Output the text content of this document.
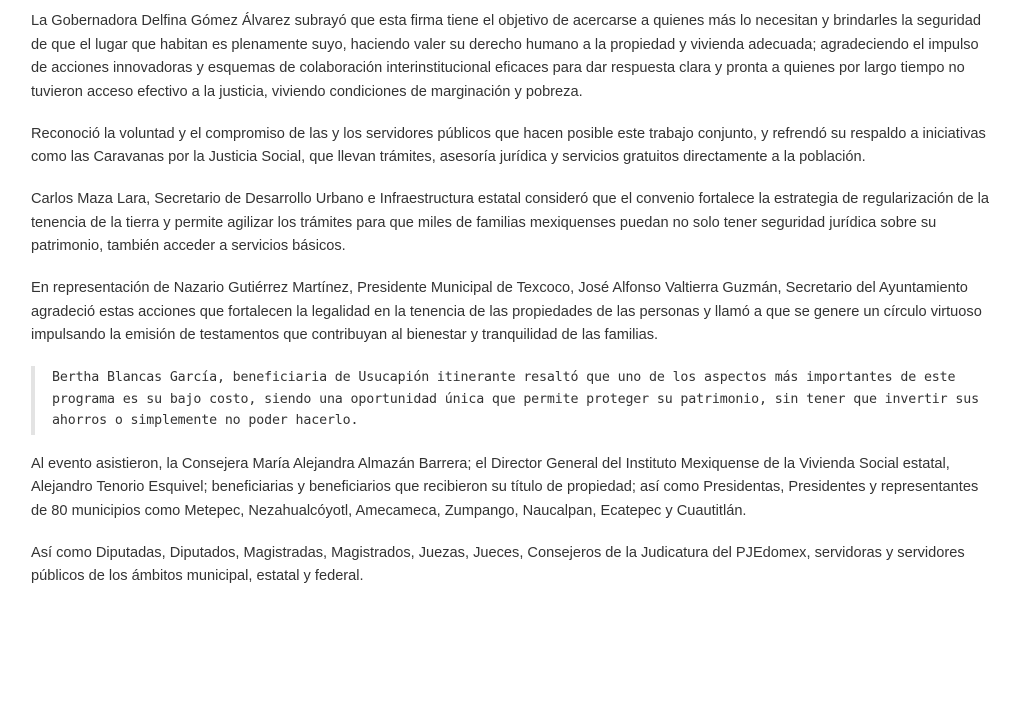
La Gobernadora Delfina Gómez Álvarez subrayó que esta firma tiene el objetivo de acercarse a quienes más lo necesitan y brindarles la seguridad de que el lugar que habitan es plenamente suyo, haciendo valer su derecho humano a la propiedad y vivienda adecuada; agradeciendo el impulso de acciones innovadoras y esquemas de colaboración interinstitucional eficaces para dar respuesta clara y pronta a quienes por largo tiempo no tuvieron acceso efectivo a la justicia, viviendo condiciones de marginación y pobreza.

Reconoció la voluntad y el compromiso de las y los servidores públicos que hacen posible este trabajo conjunto, y refrendó su respaldo a iniciativas como las Caravanas por la Justicia Social, que llevan trámites, asesoría jurídica y servicios gratuitos directamente a la población.

Carlos Maza Lara, Secretario de Desarrollo Urbano e Infraestructura estatal consideró que el convenio fortalece la estrategia de regularización de la tenencia de la tierra y permite agilizar los trámites para que miles de familias mexiquenses puedan no solo tener seguridad jurídica sobre su patrimonio, también acceder a servicios básicos.

En representación de Nazario Gutiérrez Martínez, Presidente Municipal de Texcoco, José Alfonso Valtierra Guzmán, Secretario del Ayuntamiento agradeció estas acciones que fortalecen la legalidad en la tenencia de las propiedades de las personas y llamó a que se genere un círculo virtuoso impulsando la emisión de testamentos que contribuyan al bienestar y tranquilidad de las familias.

Bertha Blancas García, beneficiaria de Usucapión itinerante resaltó que uno de los aspectos más importantes de este programa es su bajo costo, siendo una oportunidad única que permite proteger su patrimonio, sin tener que invertir sus ahorros o simplemente no poder hacerlo.

Al evento asistieron, la Consejera María Alejandra Almazán Barrera; el Director General del Instituto Mexiquense de la Vivienda Social estatal, Alejandro Tenorio Esquivel; beneficiarias y beneficiarios que recibieron su título de propiedad; así como Presidentas, Presidentes y representantes de 80 municipios como Metepec, Nezahualcóyotl, Amecameca, Zumpango, Naucalpan, Ecatepec y Cuautitlán.

Así como Diputadas, Diputados, Magistradas, Magistrados, Juezas, Jueces, Consejeros de la Judicatura del PJEdomex, servidoras y servidores públicos de los ámbitos municipal, estatal y federal.
